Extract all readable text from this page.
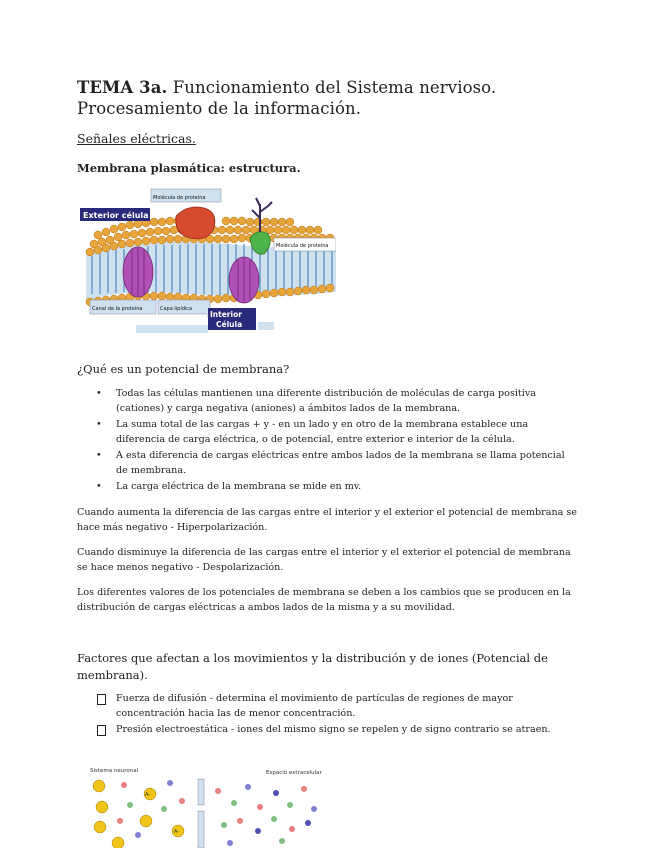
TEMA 3a. Funcionamiento del Sistema nervioso. Procesamiento de la información.
Señales eléctricas.
Membrana plasmática: estructura.
Molécula de proteína
Exterior célula
Molécula de proteína
Canal de la proteína	Capa lipídica
Interior
Célula
¿Qué es un potencial de membrana?
• Todas las células mantienen una diferente distribución de moléculas de carga positiva (cationes) y carga negativa (aniones) a ámbitos lados de la membrana.
• La suma total de las cargas + y - en un lado y en otro de la membrana establece una diferencia de carga eléctrica, o de potencial, entre exterior e interior de la célula.
• A esta diferencia de cargas eléctricas entre ambos lados de la membrana se llama potencial de membrana.
• La carga eléctrica de la membrana se mide en mv.
Cuando aumenta la diferencia de las cargas entre el interior y el exterior el potencial de membrana se hace más negativo - Hiperpolarización.
Cuando disminuye la diferencia de las cargas entre el interior y el exterior el potencial de membrana se hace menos negativo - Despolarización.
Los diferentes valores de los potenciales de membrana se deben a los cambios que se producen en la distribución de cargas eléctricas a ambos lados de la misma y a su movilidad.
Factores que afectan a los movimientos y la distribución y de iones (Potencial de membrana).
Fuerza de difusión - determina el movimiento de partículas de regiones de mayor concentración hacia las de menor concentración.
Presión electroestática - iones del mismo signo se repelen y de signo contrario se atraen.
Sistema neuronal	Espacio extracelular
A-
A-
